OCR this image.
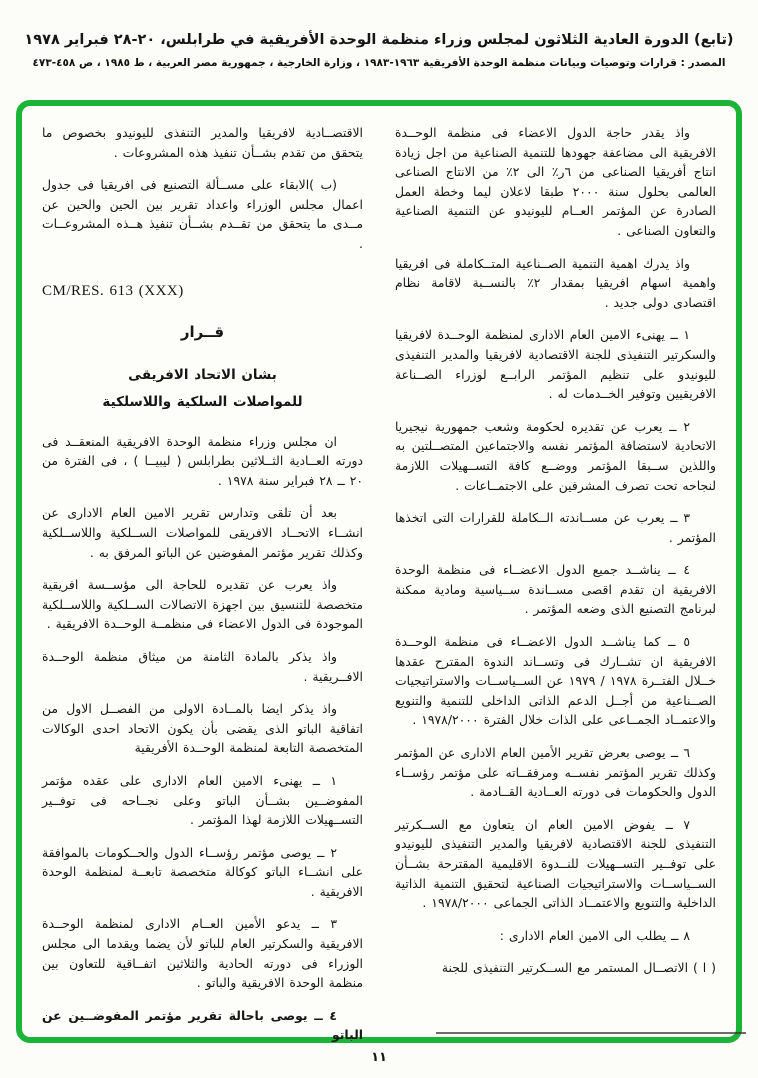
(تابع) الدورة العادية الثلاثون لمجلس وزراء منظمة الوحدة الأفريقية في طرابلس، ٢٠-٢٨ فبراير ١٩٧٨
المصدر : قرارات وتوصيات وبيانات منظمة الوحدة الأفريقية ١٩٦٣-١٩٨٣ ، وزارة الخارجية ، جمهورية مصر العربية ، ط ١٩٨٥ ، ص ٤٥٨-٤٧٣

واذ يقدر حاجة الدول الاعضاء فى منظمة الوحــدة الافريقية الى مضاعفة جهودها للتنمية الصناعية من اجل زيادة انتاج أفريقيا الصناعى من ٦ر٪ الى ٢٪ من الانتاج الصناعى العالمى بحلول سنة ٢٠٠٠ طبقا لاعلان ليما وخطة العمل الصادرة عن المؤتمر العــام لليونيدو عن التنمية الصناعية والتعاون الصناعى .

واذ يدرك اهمية التنمية الصــناعية المتــكاملة فى افريقيا واهمية اسهام افريقيا بمقدار ٢٪ بالنســبة لاقامة نظام اقتصادى دولى جديد .

١ ــ يهنىء الامين العام الادارى لمنظمة الوحــدة لافريقيا والسكرتير التنفيذى للجنة الاقتصادية لافريقيا والمدير التنفيذى لليونيدو على تنظيم المؤتمر الرابــع لوزراء الصــناعة الافريقيين وتوفير الخــدمات له .

٢ ــ يعرب عن تقديره لحكومة وشعب جمهورية نيجيريا الاتحادية لاستضافة المؤتمر نفسه والاجتماعين المتصــلتين به واللذين ســبقا المؤتمر ووضــع كافة التســهيلات اللازمة لنجاحه تحت تصرف المشرفين على الاجتمــاعات .

٣ ــ يعرب عن مســاندته الــكاملة للقرارات التى اتخذها المؤتمر .

٤ ــ يناشــد جميع الدول الاعضــاء فى منظمة الوحدة الافريقية ان تقدم اقصى مســاندة ســياسية ومادية ممكنة لبرنامج التصنيع الذى وضعه المؤتمر .

٥ ــ كما يناشــد الدول الاعضــاء فى منظمة الوحــدة الافريقية ان تشــارك فى وتســاند الندوة المقترح عقدها خــلال الفتــرة ١٩٧٨ / ١٩٧٩ عن الســياســات والاستراتيجيات الصــناعية من أجــل الدعم الذاتى الداخلى للتنمية والتنويع والاعتمــاد الجمــاعى على الذات خلال الفترة ١٩٧٨/٢٠٠٠ .

٦ ــ يوصى بعرض تقرير الأمين العام الادارى عن المؤتمر وكذلك تقرير المؤتمر نفســه ومرفقــاته على مؤتمر رؤســاء الدول والحكومات فى دورته العــادية القــادمة .

٧ ــ يفوض الامين العام ان يتعاون مع الســكرتير التنفيذى للجنة الاقتصادية لافريقيا والمدير التنفيذى لليونيدو على توفــير التســهيلات للنــدوة الاقليمية المقترحة بشــأن الســياســات والاستراتيجيات الصناعية لتحقيق التنمية الذاتية الداخلية والتنويع والاعتمــاد الذاتى الجماعى ١٩٧٨/٢٠٠٠ .

٨ ــ يطلب الى الامين العام الادارى :

( ا ) الاتصــال المستمر مع الســكرتير التنفيذى للجنة

الاقتصــادية لافريقيا والمدير التنفذى لليونيدو بخصوص ما يتحقق من تقدم بشــأن تنفيذ هذه المشروعات .

(ب )الابقاء على مســألة التصنيع فى افريقيا فى جدول اعمال مجلس الوزراء واعداد تقرير بين الحين والحين عن مــدى ما يتحقق من تقــدم بشــأن تنفيذ هــذه المشروعــات .

CM/RES. 613 (XXX)

قــرار

بشان الاتحاد الافريقى

للمواصلات السلكية واللاسلكية

ان مجلس وزراء منظمة الوحدة الافريقية المنعقــد فى دورته العــادية الثــلاثين بطرابلس ( ليبيــا ) ، فى الفترة من ٢٠ ــ ٢٨ فبراير سنة ١٩٧٨ .

بعد أن تلقى وتدارس تقرير الامين العام الادارى عن انشــاء الاتحــاد الافريقى للمواصلات الســلكية واللاســلكية وكذلك تقرير مؤتمر المفوضين عن الباتو المرفق به .

واذ يعرب عن تقديره للحاجة الى مؤســسة افريقية متخصصة للتنسيق بين اجهزة الاتصالات الســلكية واللاســلكية الموجودة فى الدول الاعضاء فى منظمــة الوحــدة الافريقية .

واذ يذكر بالمادة الثامنة من ميثاق منظمة الوحــدة الافــريقية .

واذ يذكر ايضا بالمــادة الاولى من الفصــل الاول من اتفاقية الباتو الذى يقضى بأن يكون الاتحاد احدى الوكالات المتخصصة التابعة لمنظمة الوحــدة الأفريقية

١ ــ يهنىء الامين العام الادارى على عقده مؤتمر المفوضــين بشــأن الباتو وعلى نجــاحه فى توفــير التســهيلات اللازمة لهذا المؤتمر .

٢ ــ يوصى مؤتمر رؤســاء الدول والحــكومات بالموافقة على انشــاء الباتو كوكالة متخصصة تابعــة لمنظمة الوحدة الافريقية .

٣ ــ يدعو الأمين العــام الادارى لمنظمة الوحــدة الافريقية والسكرتير العام للباتو لأن يضما ويقدما الى مجلس الوزراء فى دورته الحادية والثلاثين اتفــاقية للتعاون بين منظمة الوحدة الافريقية والباتو .

٤ ــ يوصى باحالة تقرير مؤتمر المفوضــين عن الباتو

١١
